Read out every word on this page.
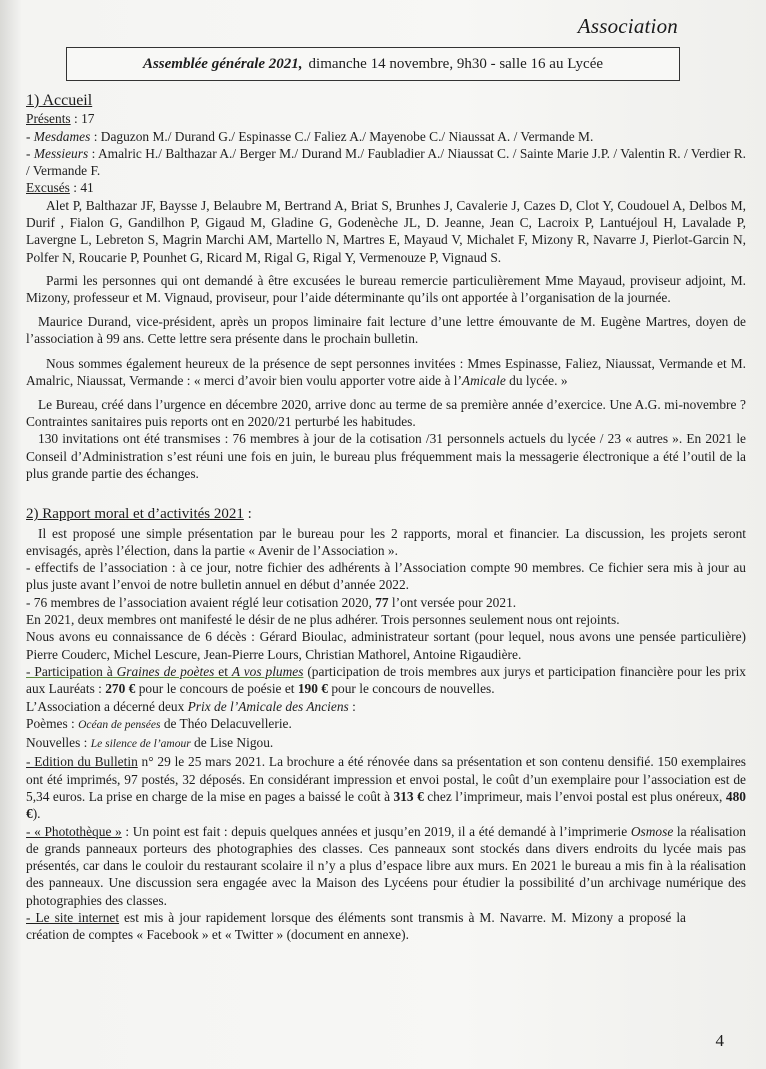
Association
Assemblée générale 2021, dimanche 14 novembre, 9h30 - salle 16 au Lycée
1) Accueil

Présents : 17

- Mesdames : Daguzon M./ Durand G./ Espinasse C./ Faliez A./ Mayenobe C./ Niaussat A. / Vermande M.

- Messieurs : Amalric H./ Balthazar A./ Berger M./ Durand M./ Faubladier A./ Niaussat C. / Sainte Marie J.P. / Valentin R. / Verdier R. / Vermande F.

Excusés : 41

Alet P, Balthazar JF, Baysse J, Belaubre M, Bertrand A, Briat S, Brunhes J, Cavalerie J, Cazes D, Clot Y, Coudouel A, Delbos M, Durif , Fialon G, Gandilhon P, Gigaud M, Gladine G, Godenèche JL, D. Jeanne, Jean C, Lacroix P, Lantuéjoul H, Lavalade P, Lavergne L, Lebreton S, Magrin Marchi AM, Martello N, Martres E, Mayaud V, Michalet F, Mizony R, Navarre J, Pierlot-Garcin N, Polfer N, Roucarie P, Pounhet G, Ricard M, Rigal G, Rigal Y, Vermenouze P, Vignaud S.

Parmi les personnes qui ont demandé à être excusées le bureau remercie particulièrement Mme Mayaud, proviseur adjoint, M. Mizony, professeur et M. Vignaud, proviseur, pour l’aide déterminante qu’ils ont apportée à l’organisation de la journée.

Maurice Durand, vice-président, après un propos liminaire fait lecture d’une lettre émouvante de M. Eugène Martres, doyen de l’association à 99 ans. Cette lettre sera présente dans le prochain bulletin.

Nous sommes également heureux de la présence de sept personnes invitées : Mmes Espinasse, Faliez, Niaussat, Vermande et M. Amalric, Niaussat, Vermande : « merci d’avoir bien voulu apporter votre aide à l’Amicale du lycée. »

Le Bureau, créé dans l’urgence en décembre 2020, arrive donc au terme de sa première année d’exercice. Une A.G. mi-novembre ? Contraintes sanitaires puis reports ont en 2020/21 perturbé les habitudes.

130 invitations ont été transmises : 76 membres à jour de la cotisation /31 personnels actuels du lycée / 23 « autres ». En 2021 le Conseil d’Administration s’est réuni une fois en juin, le bureau plus fréquemment mais la messagerie électronique a été l’outil de la plus grande partie des échanges.

2) Rapport moral et d’activités 2021 :

Il est proposé une simple présentation par le bureau pour les 2 rapports, moral et financier. La discussion, les projets seront envisagés, après l’élection, dans la partie « Avenir de l’Association ».

- effectifs de l’association : à ce jour, notre fichier des adhérents à l’Association compte 90 membres. Ce fichier sera mis à jour au plus juste avant l’envoi de notre bulletin annuel en début d’année 2022.

- 76 membres de l’association avaient réglé leur cotisation 2020, 77 l’ont versée pour 2021.

En 2021, deux membres ont manifesté le désir de ne plus adhérer. Trois personnes seulement nous ont rejoints.

Nous avons eu connaissance de 6 décès : Gérard Bioulac, administrateur sortant (pour lequel, nous avons une pensée particulière) Pierre Couderc, Michel Lescure, Jean-Pierre Lours, Christian Mathorel, Antoine Rigaudière.

- Participation à Graines de poètes et A vos plumes (participation de trois membres aux jurys et participation financière pour les prix aux Lauréats : 270 € pour le concours de poésie et 190 € pour le concours de nouvelles.

L’Association a décerné deux Prix de l’Amicale des Anciens :

Poèmes : Océan de pensées de Théo Delacuvellerie.

Nouvelles : Le silence de l’amour de Lise Nigou.

- Edition du Bulletin n° 29 le 25 mars 2021. La brochure a été rénovée dans sa présentation et son contenu densifié. 150 exemplaires ont été imprimés, 97 postés, 32 déposés. En considérant impression et envoi postal, le coût d’un exemplaire pour l’association est de 5,34 euros. La prise en charge de la mise en pages a baissé le coût à 313 € chez l’imprimeur, mais l’envoi postal est plus onéreux, 480 €).

- « Photothèque » : Un point est fait : depuis quelques années et jusqu’en 2019, il a été demandé à l’imprimerie Osmose la réalisation de grands panneaux porteurs des photographies des classes. Ces panneaux sont stockés dans divers endroits du lycée mais pas présentés, car dans le couloir du restaurant scolaire il n’y a plus d’espace libre aux murs. En 2021 le bureau a mis fin à la réalisation des panneaux. Une discussion sera engagée avec la Maison des Lycéens pour étudier la possibilité d’un archivage numérique des photographies des classes.

- Le site internet est mis à jour rapidement lorsque des éléments sont transmis à M. Navarre. M. Mizony a proposé la création de comptes « Facebook » et « Twitter » (document en annexe).

4
